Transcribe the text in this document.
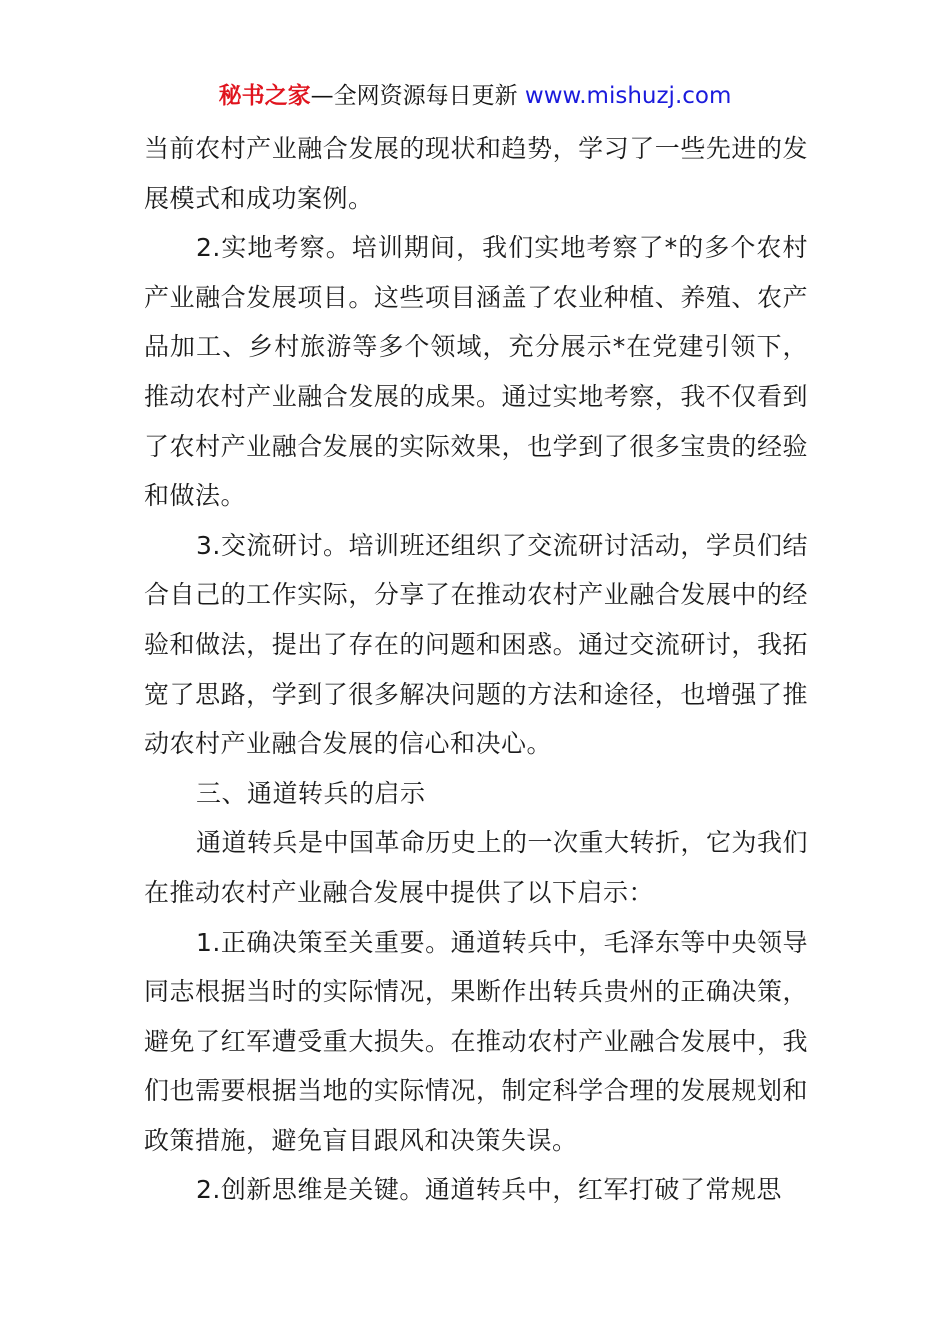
秘书之家—全网资源每日更新 www.mishuzj.com

当前农村产业融合发展的现状和趋势，学习了一些先进的发展模式和成功案例。

2.实地考察。培训期间，我们实地考察了*的多个农村产业融合发展项目。这些项目涵盖了农业种植、养殖、农产品加工、乡村旅游等多个领域，充分展示*在党建引领下，推动农村产业融合发展的成果。通过实地考察，我不仅看到了农村产业融合发展的实际效果，也学到了很多宝贵的经验和做法。

3.交流研讨。培训班还组织了交流研讨活动，学员们结合自己的工作实际，分享了在推动农村产业融合发展中的经验和做法，提出了存在的问题和困惑。通过交流研讨，我拓宽了思路，学到了很多解决问题的方法和途径，也增强了推动农村产业融合发展的信心和决心。

三、通道转兵的启示

通道转兵是中国革命历史上的一次重大转折，它为我们在推动农村产业融合发展中提供了以下启示：

1.正确决策至关重要。通道转兵中，毛泽东等中央领导同志根据当时的实际情况，果断作出转兵贵州的正确决策，避免了红军遭受重大损失。在推动农村产业融合发展中，我们也需要根据当地的实际情况，制定科学合理的发展规划和政策措施，避免盲目跟风和决策失误。

2.创新思维是关键。通道转兵中，红军打破了常规思
